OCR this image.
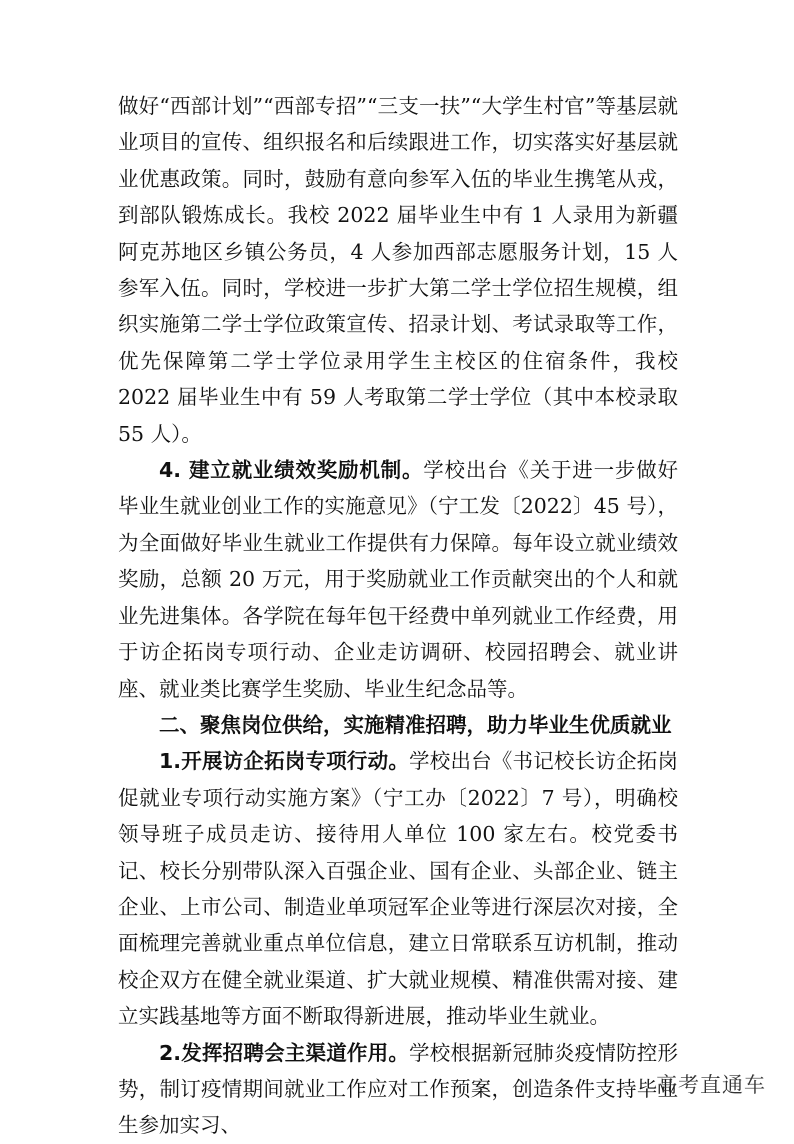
做好“西部计划”“西部专招”“三支一扶”“大学生村官”等基层就业项目的宣传、组织报名和后续跟进工作，切实落实好基层就业优惠政策。同时，鼓励有意向参军入伍的毕业生携笔从戎，到部队锻炼成长。我校 2022 届毕业生中有 1 人录用为新疆阿克苏地区乡镇公务员，4 人参加西部志愿服务计划，15 人参军入伍。同时，学校进一步扩大第二学士学位招生规模，组织实施第二学士学位政策宣传、招录计划、考试录取等工作，优先保障第二学士学位录用学生主校区的住宿条件，我校 2022 届毕业生中有 59 人考取第二学士学位（其中本校录取 55 人）。

4. 建立就业绩效奖励机制。学校出台《关于进一步做好毕业生就业创业工作的实施意见》（宁工发〔2022〕45 号），为全面做好毕业生就业工作提供有力保障。每年设立就业绩效奖励，总额 20 万元，用于奖励就业工作贡献突出的个人和就业先进集体。各学院在每年包干经费中单列就业工作经费，用于访企拓岗专项行动、企业走访调研、校园招聘会、就业讲座、就业类比赛学生奖励、毕业生纪念品等。

二、聚焦岗位供给，实施精准招聘，助力毕业生优质就业

1.开展访企拓岗专项行动。学校出台《书记校长访企拓岗促就业专项行动实施方案》（宁工办〔2022〕7 号），明确校领导班子成员走访、接待用人单位 100 家左右。校党委书记、校长分别带队深入百强企业、国有企业、头部企业、链主企业、上市公司、制造业单项冠军企业等进行深层次对接，全面梳理完善就业重点单位信息，建立日常联系互访机制，推动校企双方在健全就业渠道、扩大就业规模、精准供需对接、建立实践基地等方面不断取得新进展，推动毕业生就业。

2.发挥招聘会主渠道作用。学校根据新冠肺炎疫情防控形势，制订疫情期间就业工作应对工作预案，创造条件支持毕业生参加实习、

高考直通车
